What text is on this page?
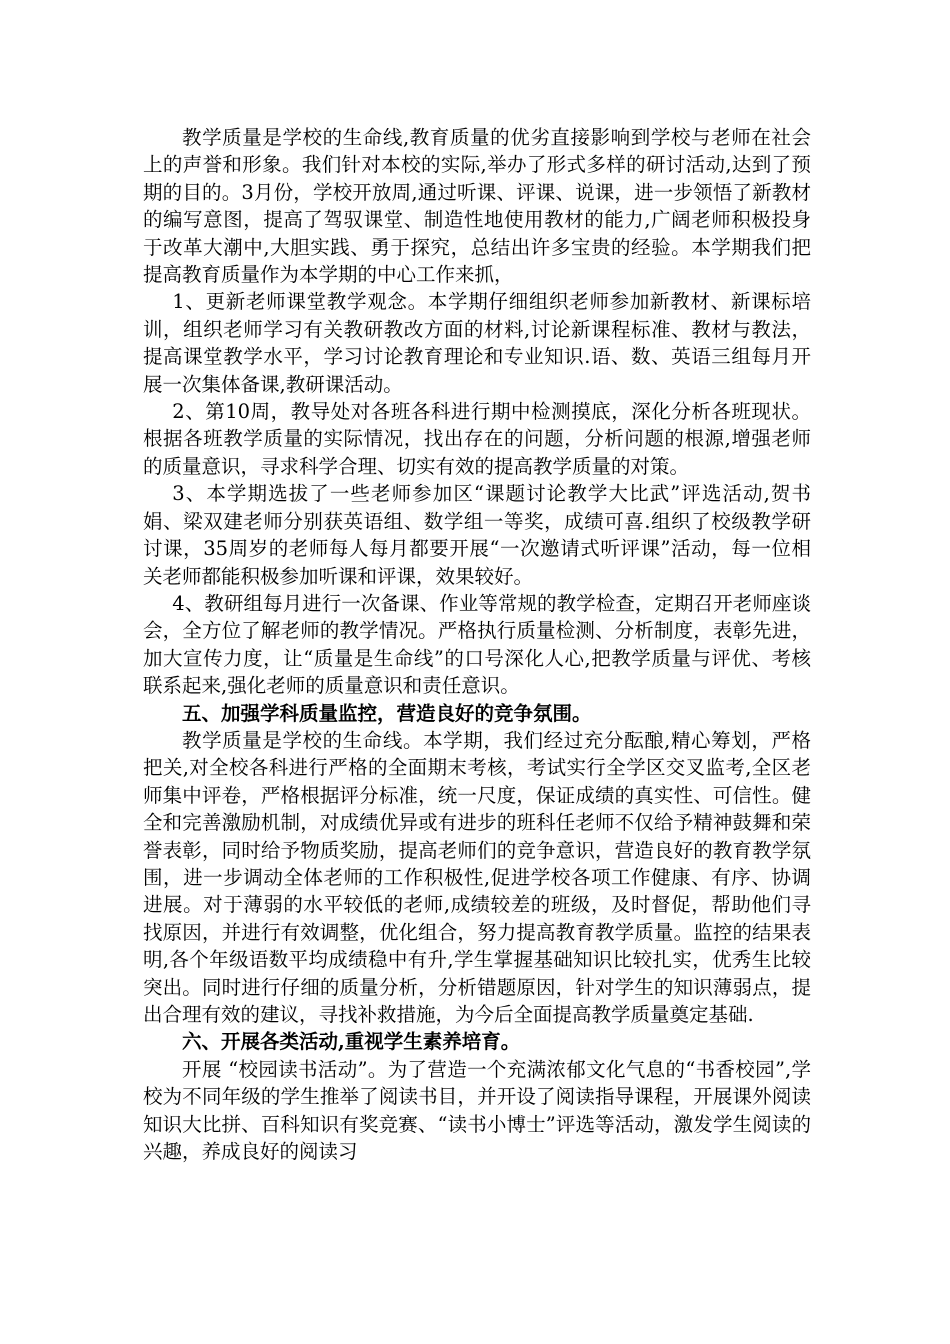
教学质量是学校的生命线,教育质量的优劣直接影响到学校与老师在社会上的声誉和形象。我们针对本校的实际,举办了形式多样的研讨活动,达到了预期的目的。3月份，学校开放周,通过听课、评课、说课，进一步领悟了新教材的编写意图，提高了驾驭课堂、制造性地使用教材的能力,广阔老师积极投身于改革大潮中,大胆实践、勇于探究，总结出许多宝贵的经验。本学期我们把提高教育质量作为本学期的中心工作来抓，

1、更新老师课堂教学观念。本学期仔细组织老师参加新教材、新课标培训，组织老师学习有关教研教改方面的材料,讨论新课程标准、教材与教法，提高课堂教学水平，学习讨论教育理论和专业知识.语、数、英语三组每月开展一次集体备课,教研课活动。

2、第10周，教导处对各班各科进行期中检测摸底，深化分析各班现状。根据各班教学质量的实际情况，找出存在的问题，分析问题的根源,增强老师的质量意识，寻求科学合理、切实有效的提高教学质量的对策。

3、本学期选拔了一些老师参加区“课题讨论教学大比武”评选活动,贺书娟、梁双建老师分别获英语组、数学组一等奖，成绩可喜.组织了校级教学研讨课，35周岁的老师每人每月都要开展“一次邀请式听评课”活动，每一位相关老师都能积极参加听课和评课，效果较好。

4、教研组每月进行一次备课、作业等常规的教学检查，定期召开老师座谈会，全方位了解老师的教学情况。严格执行质量检测、分析制度，表彰先进，加大宣传力度，让“质量是生命线”的口号深化人心,把教学质量与评优、考核联系起来,强化老师的质量意识和责任意识。

五、加强学科质量监控，营造良好的竞争氛围。

教学质量是学校的生命线。本学期，我们经过充分酝酿,精心筹划，严格把关,对全校各科进行严格的全面期末考核，考试实行全学区交叉监考,全区老师集中评卷，严格根据评分标准，统一尺度，保证成绩的真实性、可信性。健全和完善激励机制，对成绩优异或有进步的班科任老师不仅给予精神鼓舞和荣誉表彰，同时给予物质奖励，提高老师们的竞争意识，营造良好的教育教学氛围，进一步调动全体老师的工作积极性,促进学校各项工作健康、有序、协调进展。对于薄弱的水平较低的老师,成绩较差的班级，及时督促，帮助他们寻找原因，并进行有效调整，优化组合，努力提高教育教学质量。监控的结果表明,各个年级语数平均成绩稳中有升,学生掌握基础知识比较扎实，优秀生比较突出。同时进行仔细的质量分析，分析错题原因，针对学生的知识薄弱点，提出合理有效的建议，寻找补救措施，为今后全面提高教学质量奠定基础.

六、开展各类活动,重视学生素养培育。

开展 “校园读书活动”。为了营造一个充满浓郁文化气息的“书香校园”,学校为不同年级的学生推举了阅读书目，并开设了阅读指导课程，开展课外阅读知识大比拼、百科知识有奖竞赛、“读书小博士”评选等活动，激发学生阅读的兴趣，养成良好的阅读习
